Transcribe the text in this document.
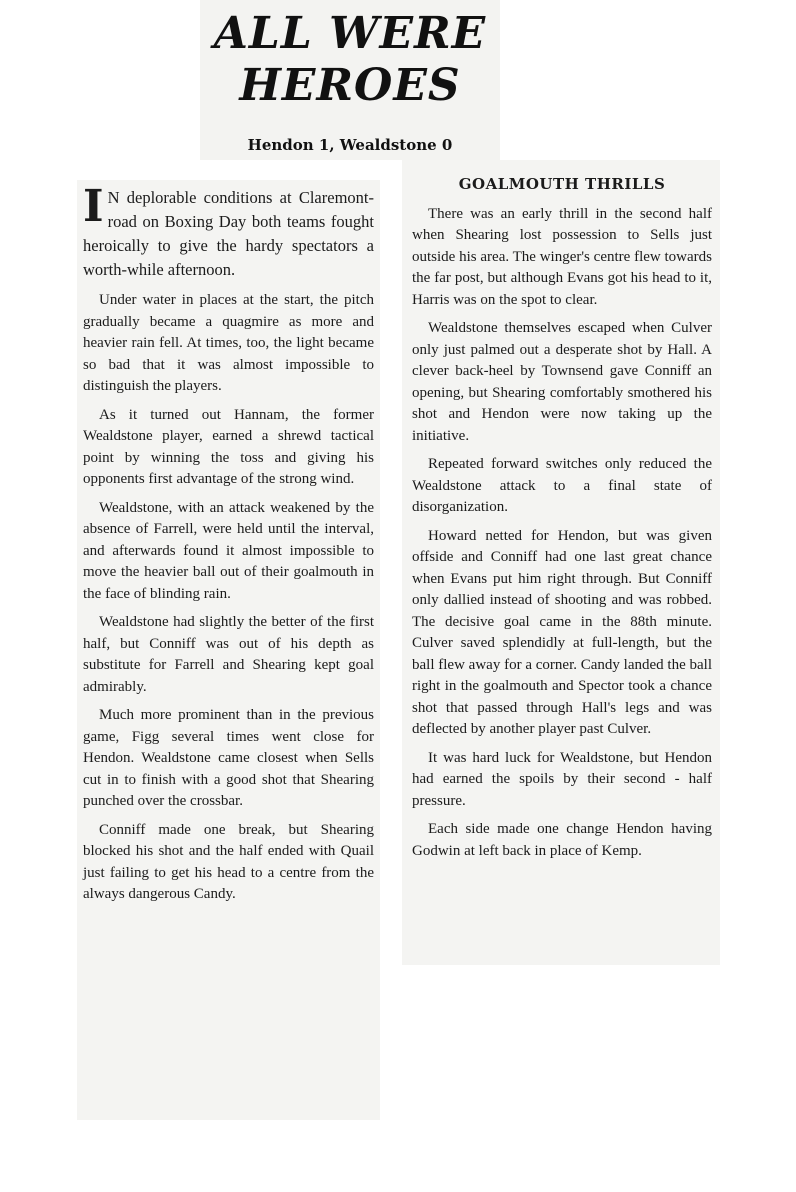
ALL WERE
HEROES
Hendon 1, Wealdstone 0

I N deplorable conditions at Claremont-road on Boxing Day both teams fought heroically to give the hardy spectators a worth-while afternoon.

Under water in places at the start, the pitch gradually became a quagmire as more and heavier rain fell. At times, too, the light became so bad that it was almost impossible to distinguish the players.

As it turned out Hannam, the former Wealdstone player, earned a shrewd tactical point by winning the toss and giving his opponents first advantage of the strong wind.

Wealdstone, with an attack weakened by the absence of Farrell, were held until the interval, and afterwards found it almost impossible to move the heavier ball out of their goalmouth in the face of blinding rain.

Wealdstone had slightly the better of the first half, but Conniff was out of his depth as substitute for Farrell and Shearing kept goal admirably.

Much more prominent than in the previous game, Figg several times went close for Hendon. Wealdstone came closest when Sells cut in to finish with a good shot that Shearing punched over the crossbar.

Conniff made one break, but Shearing blocked his shot and the half ended with Quail just failing to get his head to a centre from the always dangerous Candy.

GOALMOUTH THRILLS

There was an early thrill in the second half when Shearing lost possession to Sells just outside his area. The winger's centre flew towards the far post, but although Evans got his head to it, Harris was on the spot to clear.

Wealdstone themselves escaped when Culver only just palmed out a desperate shot by Hall. A clever back-heel by Townsend gave Conniff an opening, but Shearing comfortably smothered his shot and Hendon were now taking up the initiative.

Repeated forward switches only reduced the Wealdstone attack to a final state of disorganization.

Howard netted for Hendon, but was given offside and Conniff had one last great chance when Evans put him right through. But Conniff only dallied instead of shooting and was robbed. The decisive goal came in the 88th minute. Culver saved splendidly at full-length, but the ball flew away for a corner. Candy landed the ball right in the goalmouth and Spector took a chance shot that passed through Hall's legs and was deflected by another player past Culver.

It was hard luck for Wealdstone, but Hendon had earned the spoils by their second - half pressure.

Each side made one change Hendon having Godwin at left back in place of Kemp.
